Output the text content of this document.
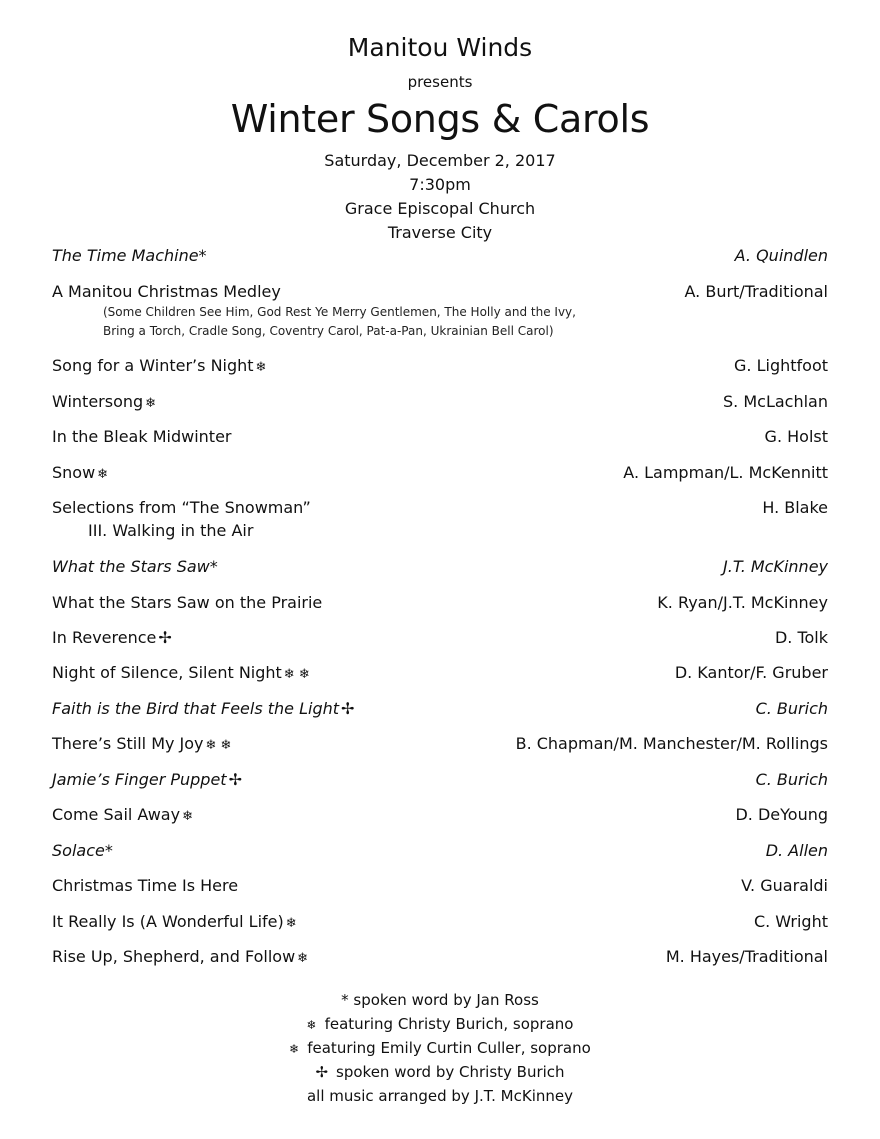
Manitou Winds
presents
Winter Songs & Carols
Saturday, December 2, 2017
7:30pm
Grace Episcopal Church
Traverse City
The Time Machine*	A. Quindlen
A Manitou Christmas Medley	A. Burt/Traditional
(Some Children See Him, God Rest Ye Merry Gentlemen, The Holly and the Ivy,
Bring a Torch, Cradle Song, Coventry Carol, Pat-a-Pan, Ukrainian Bell Carol)
Song for a Winter’s Night ❄	G. Lightfoot
Wintersong ❄	S. McLachlan
In the Bleak Midwinter	G. Holst
Snow ❄	A. Lampman/L. McKennitt
Selections from “The Snowman”	H. Blake
III. Walking in the Air
What the Stars Saw*	J.T. McKinney
What the Stars Saw on the Prairie	K. Ryan/J.T. McKinney
In Reverence ✢	D. Tolk
Night of Silence, Silent Night ❄ ❄	D. Kantor/F. Gruber
Faith is the Bird that Feels the Light ✢	C. Burich
There’s Still My Joy ❄ ❄	B. Chapman/M. Manchester/M. Rollings
Jamie’s Finger Puppet ✢	C. Burich
Come Sail Away ❄	D. DeYoung
Solace*	D. Allen
Christmas Time Is Here	V. Guaraldi
It Really Is (A Wonderful Life) ❄	C. Wright
Rise Up, Shepherd, and Follow ❄	M. Hayes/Traditional
* spoken word by Jan Ross
❄ featuring Christy Burich, soprano
❄ featuring Emily Curtin Culler, soprano
✢ spoken word by Christy Burich
all music arranged by J.T. McKinney
